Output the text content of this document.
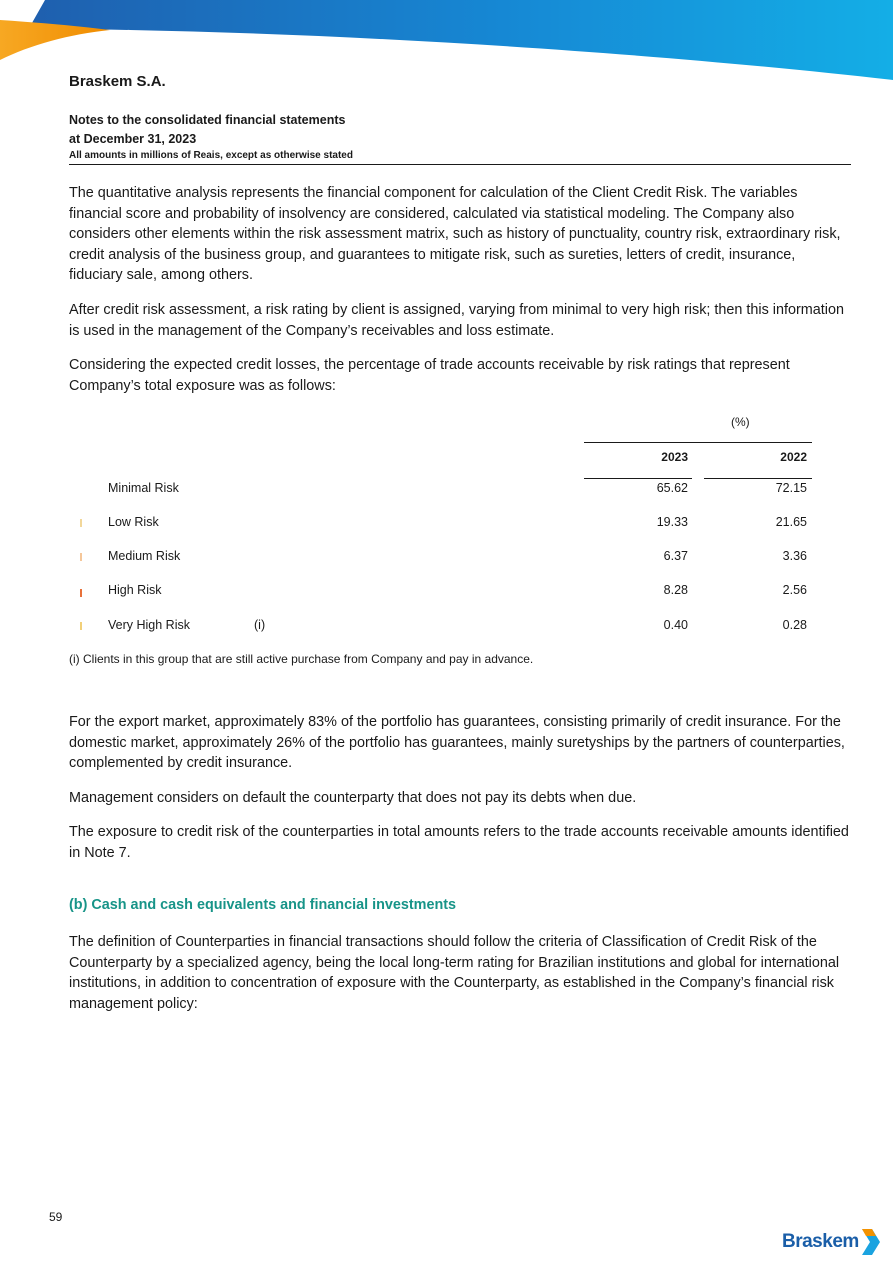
Braskem S.A.
Notes to the consolidated financial statements
at December 31, 2023
All amounts in millions of Reais, except as otherwise stated
The quantitative analysis represents the financial component for calculation of the Client Credit Risk. The variables financial score and probability of insolvency are considered, calculated via statistical modeling. The Company also considers other elements within the risk assessment matrix, such as history of punctuality, country risk, extraordinary risk, credit analysis of the business group, and guarantees to mitigate risk, such as sureties, letters of credit, insurance, fiduciary sale, among others.
After credit risk assessment, a risk rating by client is assigned, varying from minimal to very high risk; then this information is used in the management of the Company’s receivables and loss estimate.
Considering the expected credit losses, the percentage of trade accounts receivable by risk ratings that represent Company’s total exposure was as follows:
(%)
2023	2022
Minimal Risk	65.62	72.15
Low Risk	19.33	21.65
Medium Risk	6.37	3.36
High Risk	8.28	2.56
Very High Risk	(i)	0.40	0.28
(i) Clients in this group that are still active purchase from Company and pay in advance.
For the export market, approximately 83% of the portfolio has guarantees, consisting primarily of credit insurance. For the domestic market, approximately 26% of the portfolio has guarantees, mainly suretyships by the partners of counterparties, complemented by credit insurance.
Management considers on default the counterparty that does not pay its debts when due.
The exposure to credit risk of the counterparties in total amounts refers to the trade accounts receivable amounts identified in Note 7.
(b) Cash and cash equivalents and financial investments
The definition of Counterparties in financial transactions should follow the criteria of Classification of Credit Risk of the Counterparty by a specialized agency, being the local long-term rating for Brazilian institutions and global for international institutions, in addition to concentration of exposure with the Counterparty, as established in the Company’s financial risk management policy:
59
Braskem
